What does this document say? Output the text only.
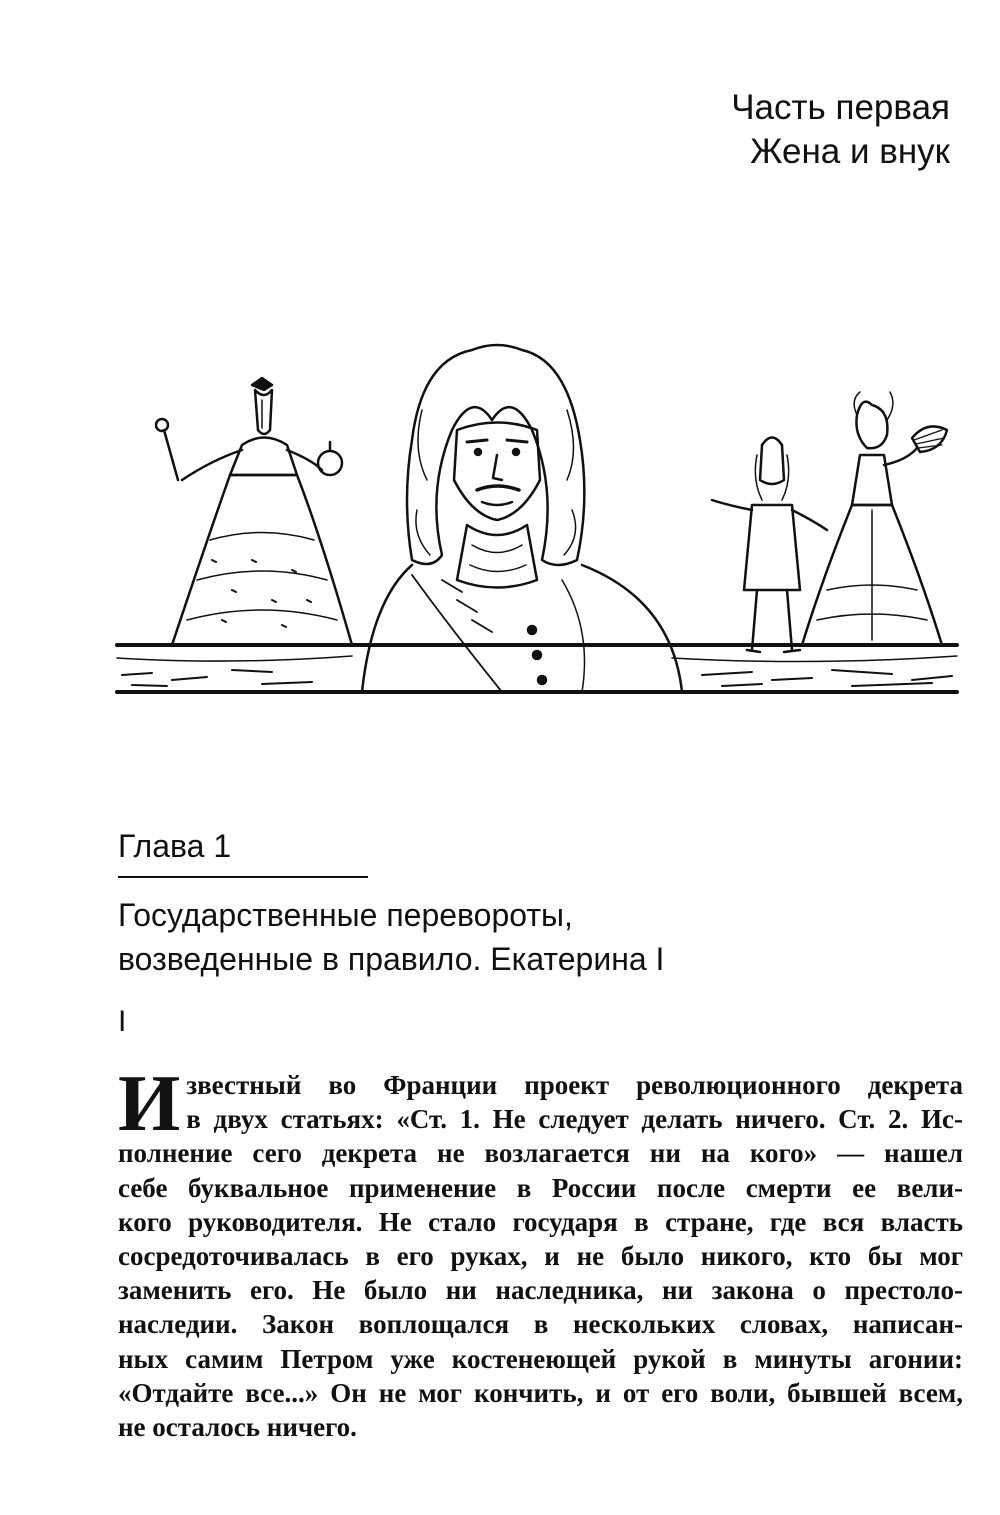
Часть первая
Жена и внук
Глава 1
Государственные перевороты,
возведенные в правило. Екатерина I
I
И звестный во Франции проект революционного декрета
в двух статьях: «Ст. 1. Не следует делать ничего. Ст. 2. Ис-
полнение сего декрета не возлагается ни на кого» — нашел
себе буквальное применение в России после смерти ее вели-
кого руководителя. Не стало государя в стране, где вся власть
сосредоточивалась в его руках, и не было никого, кто бы мог
заменить его. Не было ни наследника, ни закона о престоло-
наследии. Закон воплощался в нескольких словах, написан-
ных самим Петром уже костенеющей рукой в минуты агонии:
«Отдайте все...» Он не мог кончить, и от его воли, бывшей всем,
не осталось ничего.
